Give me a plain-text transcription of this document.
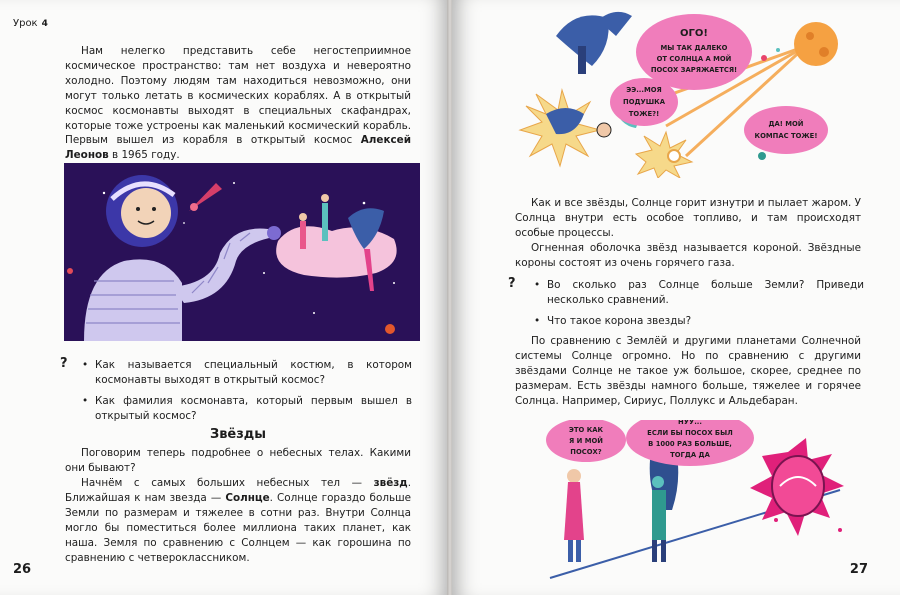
Урок 4

Нам нелегко представить себе негостеприимное космическое пространство: там нет воздуха и невероятно холодно. Поэтому людям там находиться невозможно, они могут только летать в космических кораблях. А в открытый космос космонавты выходят в специальных скафандрах, которые тоже устроены как маленький космический корабль. Первым вышел из корабля в открытый космос Алексей Леонов в 1965 году.

?	• Как называется специальный костюм, в котором космонавты выходят в открытый космос?
• Как фамилия космонавта, который первым вышел в открытый космос?
Звёзды

Поговорим теперь подробнее о небесных телах. Какими они бывают?

Начнём с самых больших небесных тел — звёзд. Ближайшая к нам звезда — Солнце. Солнце гораздо больше Земли по размерам и тяжелее в сотни раз. Внутри Солнца могло бы поместиться более миллиона таких планет, как наша. Земля по сравнению с Солнцем — как горошина по сравнению с четвероклассником.

26
ОГО!
МЫ ТАК ДАЛЕКО
ОТ СОЛНЦА А МОЙ
ПОСОХ ЗАРЯЖАЕТСЯ!
ЭЭ...МОЯ
ПОДУШКА
ТОЖЕ?!
ДА! МОЙ
КОМПАС ТОЖЕ!

Как и все звёзды, Солнце горит изнутри и пылает жаром. У Солнца внутри есть особое топливо, и там происходят особые процессы.

Огненная оболочка звёзд называется короной. Звёздные короны состоят из очень горячего газа.

?	• Во сколько раз Солнце больше Земли? Приведи несколько сравнений.
• Что такое корона звезды?

По сравнению с Землёй и другими планетами Солнечной системы Солнце огромно. Но по сравнению с другими звёздами Солнце не такое уж большое, скорее, среднее по размерам. Есть звёзды намного больше, тяжелее и горячее Солнца. Например, Сириус, Поллукс и Альдебаран.

ЭТО КАК
Я И МОЙ
ПОСОХ?
НУУ...
ЕСЛИ БЫ ПОСОХ БЫЛ
В 1000 РАЗ БОЛЬШЕ,
ТОГДА ДА
27
